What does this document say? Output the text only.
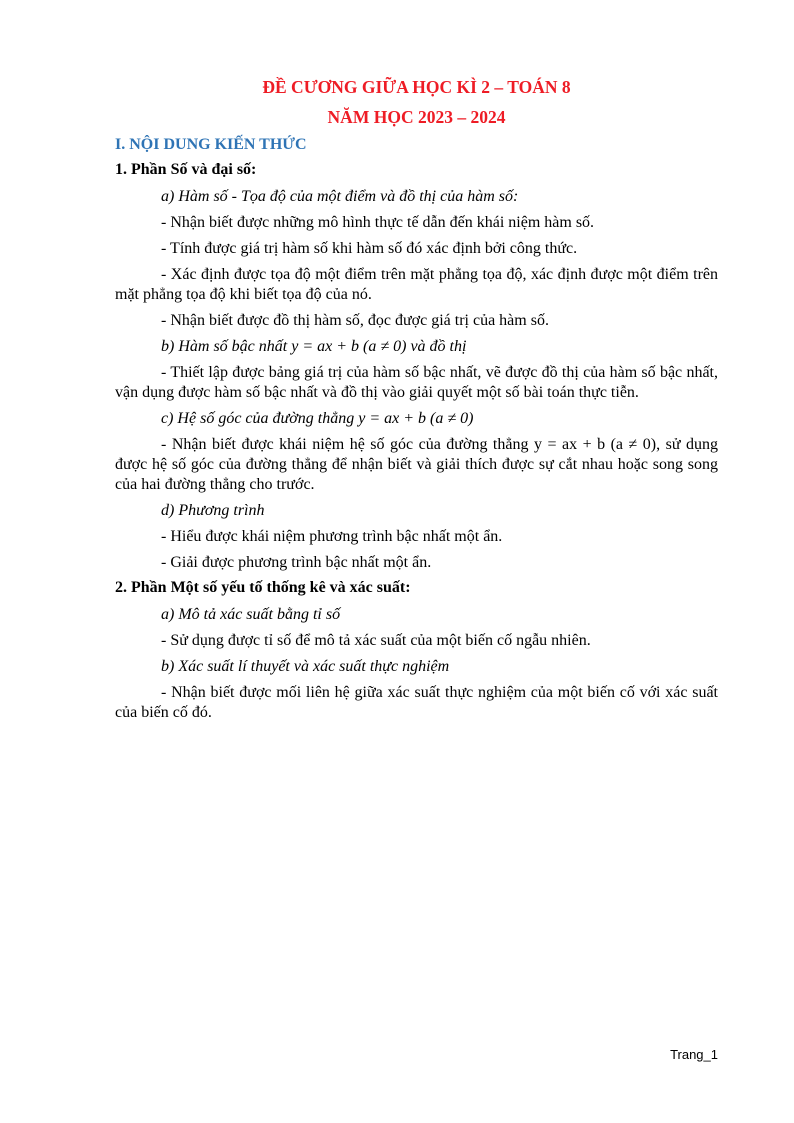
ĐỀ CƯƠNG GIỮA HỌC KÌ 2 – TOÁN 8

NĂM HỌC 2023 – 2024

I. NỘI DUNG KIẾN THỨC

1. Phần Số và đại số:

a) Hàm số - Tọa độ của một điểm và đồ thị của hàm số:

- Nhận biết được những mô hình thực tế dẫn đến khái niệm hàm số.

- Tính được giá trị hàm số khi hàm số đó xác định bởi công thức.

- Xác định được tọa độ một điểm trên mặt phẳng tọa độ, xác định được một điểm trên mặt phẳng tọa độ khi biết tọa độ của nó.

- Nhận biết được đồ thị hàm số, đọc được giá trị của hàm số.

b) Hàm số bậc nhất y = ax + b (a ≠ 0) và đồ thị

- Thiết lập được bảng giá trị của hàm số bậc nhất, vẽ được đồ thị của hàm số bậc nhất, vận dụng được hàm số bậc nhất và đồ thị vào giải quyết một số bài toán thực tiễn.

c) Hệ số góc của đường thẳng y = ax + b (a ≠ 0)

- Nhận biết được khái niệm hệ số góc của đường thẳng y = ax + b (a ≠ 0), sử dụng được hệ số góc của đường thẳng để nhận biết và giải thích được sự cắt nhau hoặc song song của hai đường thẳng cho trước.

d) Phương trình

- Hiểu được khái niệm phương trình bậc nhất một ẩn.

- Giải được phương trình bậc nhất một ẩn.

2. Phần Một số yếu tố thống kê và xác suất:

a) Mô tả xác suất bằng tỉ số

- Sử dụng được tỉ số để mô tả xác suất của một biến cố ngẫu nhiên.

b) Xác suất lí thuyết và xác suất thực nghiệm

- Nhận biết được mối liên hệ giữa xác suất thực nghiệm của một biến cố với xác suất của biến cố đó.

Trang_1
